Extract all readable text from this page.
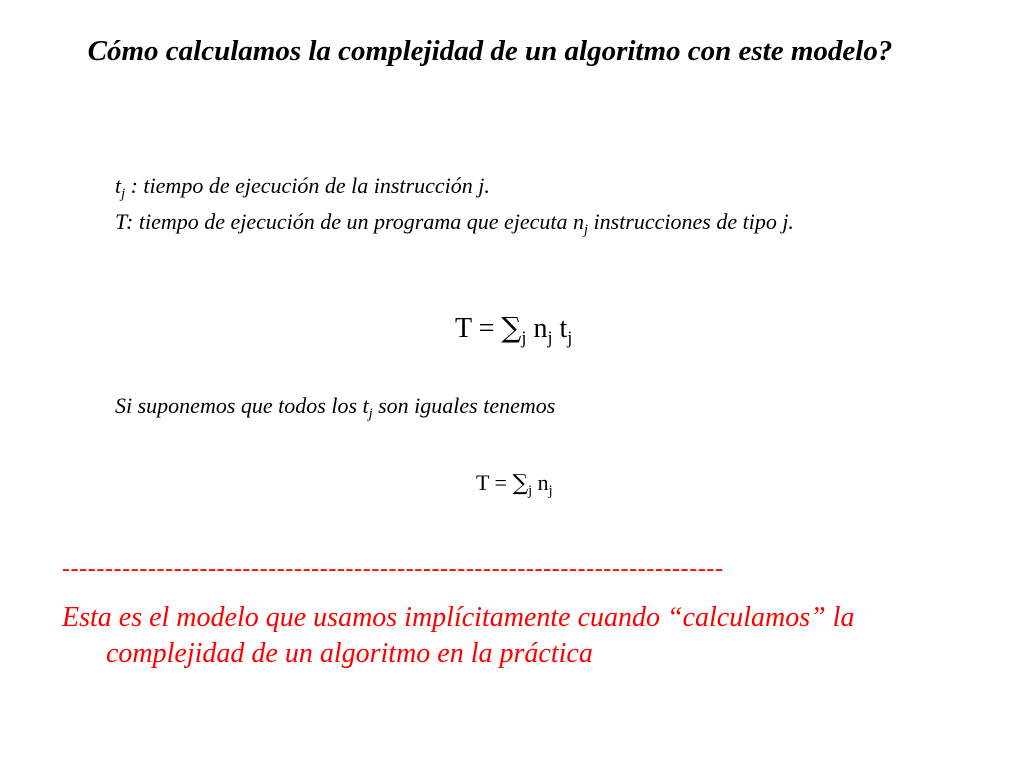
Cómo calculamos la complejidad de un algoritmo con este modelo?
$t_j$ : tiempo de ejecución de la instrucción j.
T: tiempo de ejecución de un programa que ejecuta $n_j$ instrucciones de tipo j.
$T = \sum_j$ $n_j$ $t_j$
Si suponemos que todos los $t_j$ son iguales tenemos
$T = \sum_j$ $n_j$
-----------------------------------------------------------------------------
Esta es el modelo que usamos implícitamente cuando “calculamos” la complejidad de un algoritmo en la práctica
